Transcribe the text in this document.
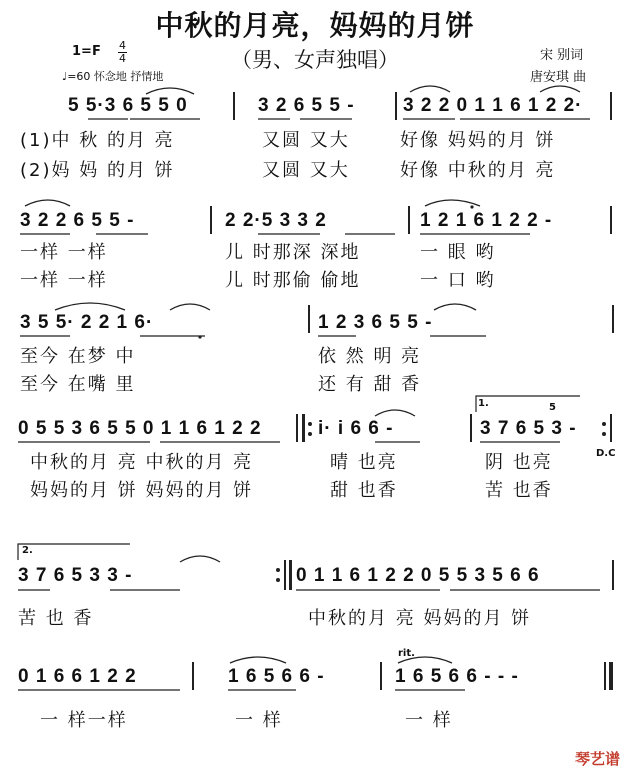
中秋的月亮，妈妈的月饼
（男、女声独唱）
1=F 4
4
♩=60 怀念地 抒情地
宋 别词
唐安琪 曲
5 5·3 6 5 5 0	3 2 6 5 5 -	3 2 2 0 1 1 6 1 2 2·
(1)中 秋 的月 亮	又圆 又大	好像 妈妈的月 饼
(2)妈 妈 的月 饼	又圆 又大	好像 中秋的月 亮
3 2 2 6 5 5 -	2 2·5 3 3 2	1 2 1 6 1 2 2 -
一样 一样	儿 时那深 深地	一 眼 哟
一样 一样	儿 时那偷 偷地	一 口 哟
3 5 5· 2 2 1 6·	1 2 3 6 5 5 -
至今 在梦 中	依 然 明 亮
至今 在嘴 里	还 有 甜 香
0 5 5 3 6 5 5 0 1 1 6 1 2 2	i· i 6 6 -	3 7 6 5 3 -
1.	5
D.C
中秋的月 亮 中秋的月 亮	晴 也亮	阴 也亮
妈妈的月 饼 妈妈的月 饼	甜 也香	苦 也香
2.
3 7 6 5 3 3 -	0 1 1 6 1 2 2 0 5 5 3 5 6 6
苦 也 香	中秋的月 亮 妈妈的月 饼
rit.
0 1 6 6 1 2 2	1 6 5 6 6 -	1 6 5 6 6 - - -
一 样一样	一 样	一 样
琴艺谱
